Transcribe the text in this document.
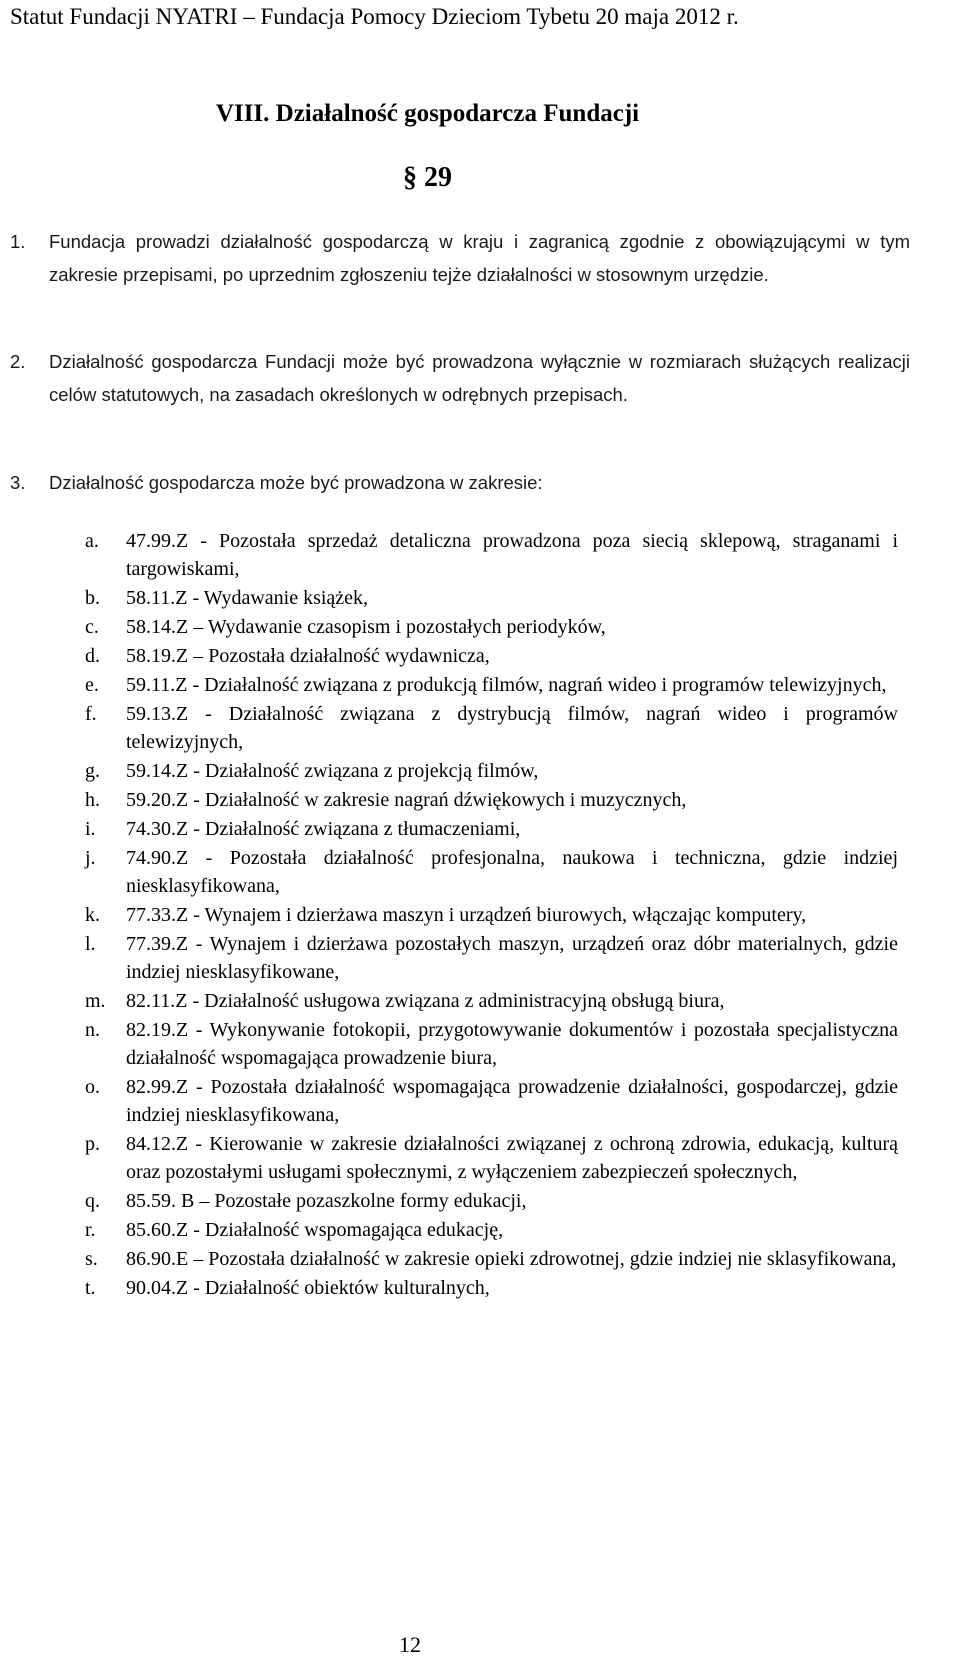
Statut Fundacji NYATRI – Fundacja Pomocy Dzieciom Tybetu 20 maja 2012 r.
VIII. Działalność gospodarcza Fundacji
§ 29
1. Fundacja prowadzi działalność gospodarczą w kraju i zagranicą zgodnie z obowiązującymi w tym zakresie przepisami, po uprzednim zgłoszeniu tejże działalności w stosownym urzędzie.
2. Działalność gospodarcza Fundacji może być prowadzona wyłącznie w rozmiarach służących realizacji celów statutowych, na zasadach określonych w odrębnych przepisach.
3. Działalność gospodarcza może być prowadzona w zakresie:
a. 47.99.Z - Pozostała sprzedaż detaliczna prowadzona poza siecią sklepową, straganami i targowiskami,
b. 58.11.Z - Wydawanie książek,
c. 58.14.Z – Wydawanie czasopism i pozostałych periodyków,
d. 58.19.Z – Pozostała działalność wydawnicza,
e. 59.11.Z - Działalność związana z produkcją filmów, nagrań wideo i programów telewizyjnych,
f. 59.13.Z - Działalność związana z dystrybucją filmów, nagrań wideo i programów telewizyjnych,
g. 59.14.Z - Działalność związana z projekcją filmów,
h. 59.20.Z - Działalność w zakresie nagrań dźwiękowych i muzycznych,
i. 74.30.Z - Działalność związana z tłumaczeniami,
j. 74.90.Z - Pozostała działalność profesjonalna, naukowa i techniczna, gdzie indziej niesklasyfikowana,
k. 77.33.Z - Wynajem i dzierżawa maszyn i urządzeń biurowych, włączając komputery,
l. 77.39.Z - Wynajem i dzierżawa pozostałych maszyn, urządzeń oraz dóbr materialnych, gdzie indziej niesklasyfikowane,
m. 82.11.Z - Działalność usługowa związana z administracyjną obsługą biura,
n. 82.19.Z - Wykonywanie fotokopii, przygotowywanie dokumentów i pozostała specjalistyczna działalność wspomagająca prowadzenie biura,
o. 82.99.Z - Pozostała działalność wspomagająca prowadzenie działalności, gospodarczej, gdzie indziej niesklasyfikowana,
p. 84.12.Z - Kierowanie w zakresie działalności związanej z ochroną zdrowia, edukacją, kulturą oraz pozostałymi usługami społecznymi, z wyłączeniem zabezpieczeń społecznych,
q. 85.59. B – Pozostałe pozaszkolne formy edukacji,
r. 85.60.Z - Działalność wspomagająca edukację,
s. 86.90.E – Pozostała działalność w zakresie opieki zdrowotnej, gdzie indziej nie sklasyfikowana,
t. 90.04.Z - Działalność obiektów kulturalnych,
12
